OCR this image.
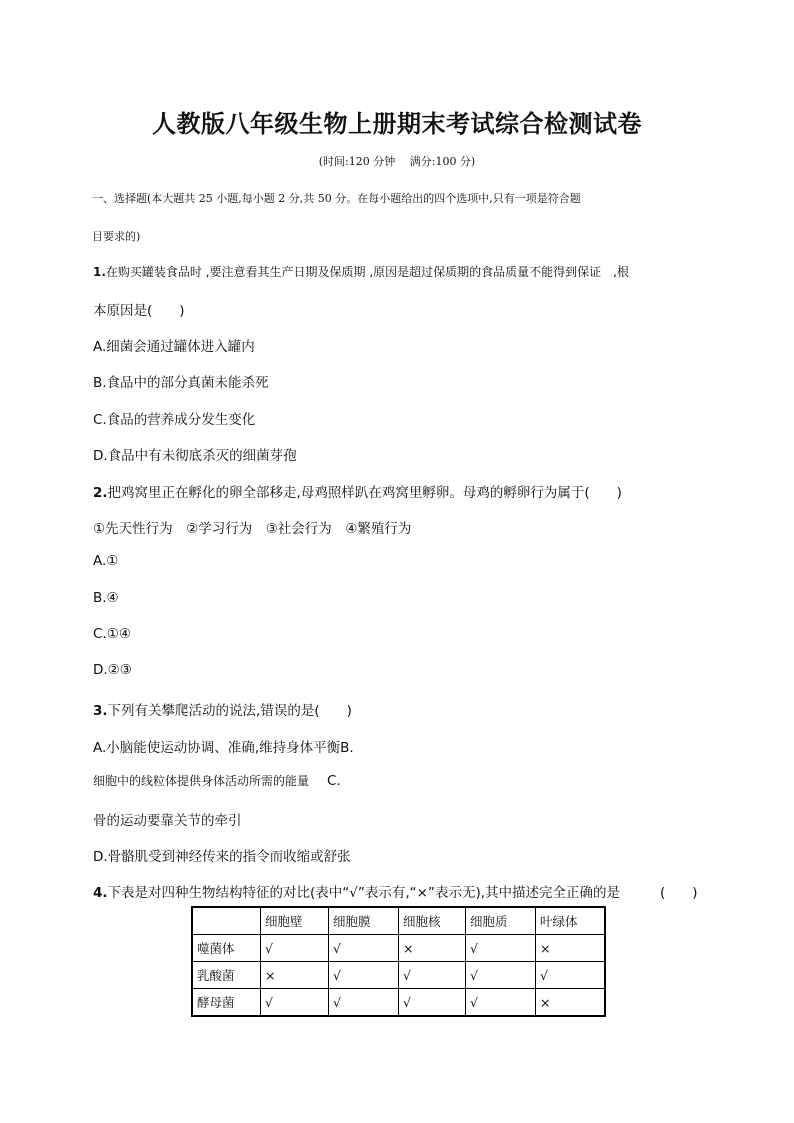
人教版八年级生物上册期末考试综合检测试卷
(时间:120 分钟　 满分:100 分)
一、选择题(本大题共 25 小题,每小题 2 分,共 50 分。在每小题给出的四个选项中,只有一项是符合题
目要求的)
1.在购买罐装食品时 ,要注意看其生产日期及保质期 ,原因是超过保质期的食品质量不能得到保证　,根
本原因是(　　)
A.细菌会通过罐体进入罐内
B.食品中的部分真菌未能杀死
C.食品的营养成分发生变化
D.食品中有未彻底杀灭的细菌芽孢
2.把鸡窝里正在孵化的卵全部移走,母鸡照样趴在鸡窝里孵卵。母鸡的孵卵行为属于(　　)
①先天性行为　②学习行为　③社会行为　④繁殖行为
A.①
B.④
C.①④
D.②③
3.下列有关攀爬活动的说法,错误的是(　　)
A.小脑能使运动协调、准确,维持身体平衡B.
细胞中的线粒体提供身体活动所需的能量 C.
骨的运动要靠关节的牵引
D.骨骼肌受到神经传来的指令而收缩或舒张
4.下表是对四种生物结构特征的对比(表中“√”表示有,“×”表示无),其中描述完全正确的是	(　　)
	细胞壁	细胞膜	细胞核	细胞质	叶绿体
噬菌体	√	√	×	√	×
乳酸菌	×	√	√	√	√
酵母菌	√	√	√	√	×
